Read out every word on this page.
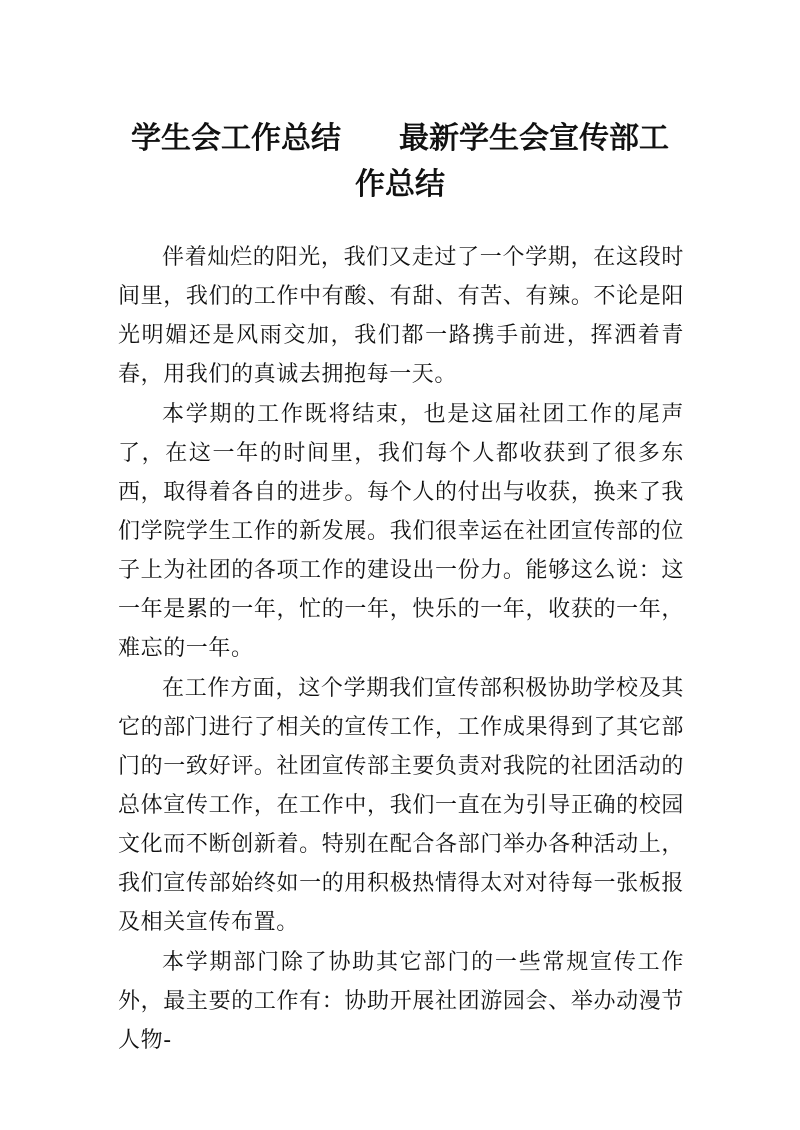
学生会工作总结 最新学生会宣传部工作总结

伴着灿烂的阳光，我们又走过了一个学期，在这段时间里，我们的工作中有酸、有甜、有苦、有辣。不论是阳光明媚还是风雨交加，我们都一路携手前进，挥洒着青春，用我们的真诚去拥抱每一天。

本学期的工作既将结束，也是这届社团工作的尾声了，在这一年的时间里，我们每个人都收获到了很多东西，取得着各自的进步。每个人的付出与收获，换来了我们学院学生工作的新发展。我们很幸运在社团宣传部的位子上为社团的各项工作的建设出一份力。能够这么说：这一年是累的一年，忙的一年，快乐的一年，收获的一年，难忘的一年。

在工作方面，这个学期我们宣传部积极协助学校及其它的部门进行了相关的宣传工作，工作成果得到了其它部门的一致好评。社团宣传部主要负责对我院的社团活动的总体宣传工作，在工作中，我们一直在为引导正确的校园文化而不断创新着。特别在配合各部门举办各种活动上，我们宣传部始终如一的用积极热情得太对对待每一张板报及相关宣传布置。

本学期部门除了协助其它部门的一些常规宣传工作外，最主要的工作有：协助开展社团游园会、举办动漫节人物-
